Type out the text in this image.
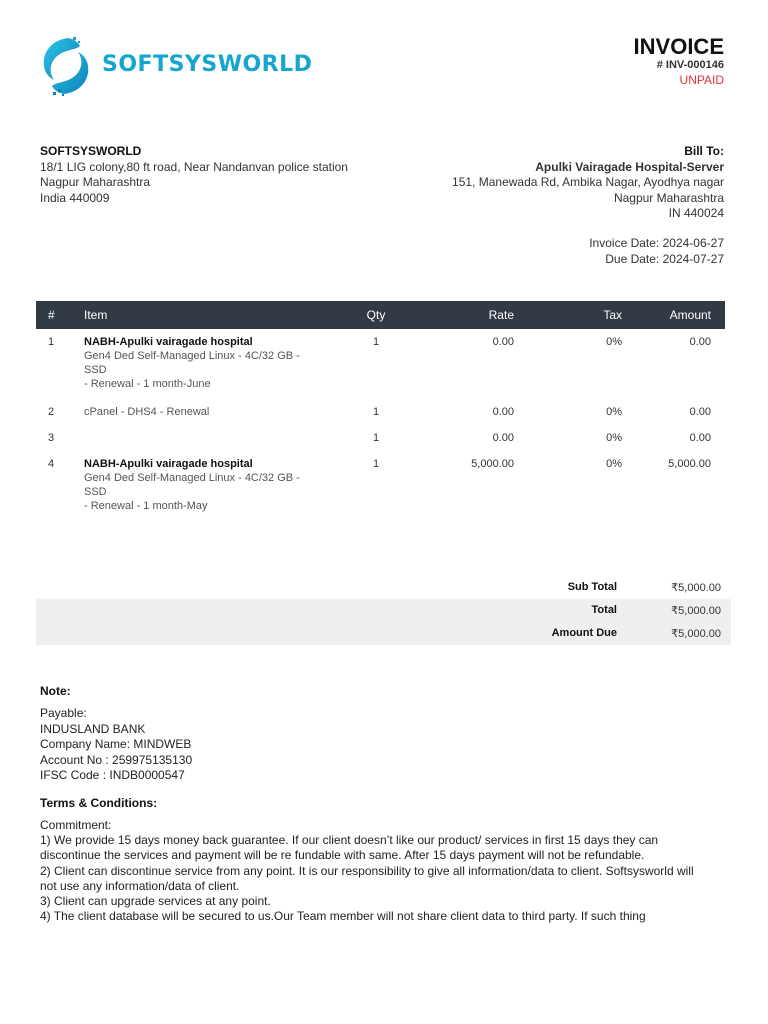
SOFTSYSWORLD
INVOICE
# INV-000146
UNPAID
SOFTSYSWORLD
18/1 LIG colony,80 ft road, Near Nandanvan police station
Nagpur Maharashtra
India 440009
Bill To:
Apulki Vairagade Hospital-Server
151, Manewada Rd, Ambika Nagar, Ayodhya nagar
Nagpur Maharashtra
IN 440024
Invoice Date: 2024-06-27
Due Date: 2024-07-27
#	Item	Qty	Rate	Tax	Amount
1	NABH-Apulki vairagade hospital
Gen4 Ded Self-Managed Linux - 4C/32 GB -
SSD
- Renewal - 1 month-June	1	0.00	0%	0.00
2	cPanel - DHS4 - Renewal	1	0.00	0%	0.00
3		1	0.00	0%	0.00
4	NABH-Apulki vairagade hospital
Gen4 Ded Self-Managed Linux - 4C/32 GB -
SSD
- Renewal - 1 month-May	1	5,000.00	0%	5,000.00
Sub Total	₹5,000.00
Total	₹5,000.00
Amount Due	₹5,000.00
Note:
Payable:
INDUSLAND BANK
Company Name: MINDWEB
Account No : 259975135130
IFSC Code : INDB0000547
Terms & Conditions:
Commitment:
1) We provide 15 days money back guarantee. If our client doesn’t like our product/ services in first 15 days they can
discontinue the services and payment will be re fundable with same. After 15 days payment will not be refundable.
2) Client can discontinue service from any point. It is our responsibility to give all information/data to client. Softsysworld will
not use any information/data of client.
3) Client can upgrade services at any point.
4) The client database will be secured to us.Our Team member will not share client data to third party. If such thing
